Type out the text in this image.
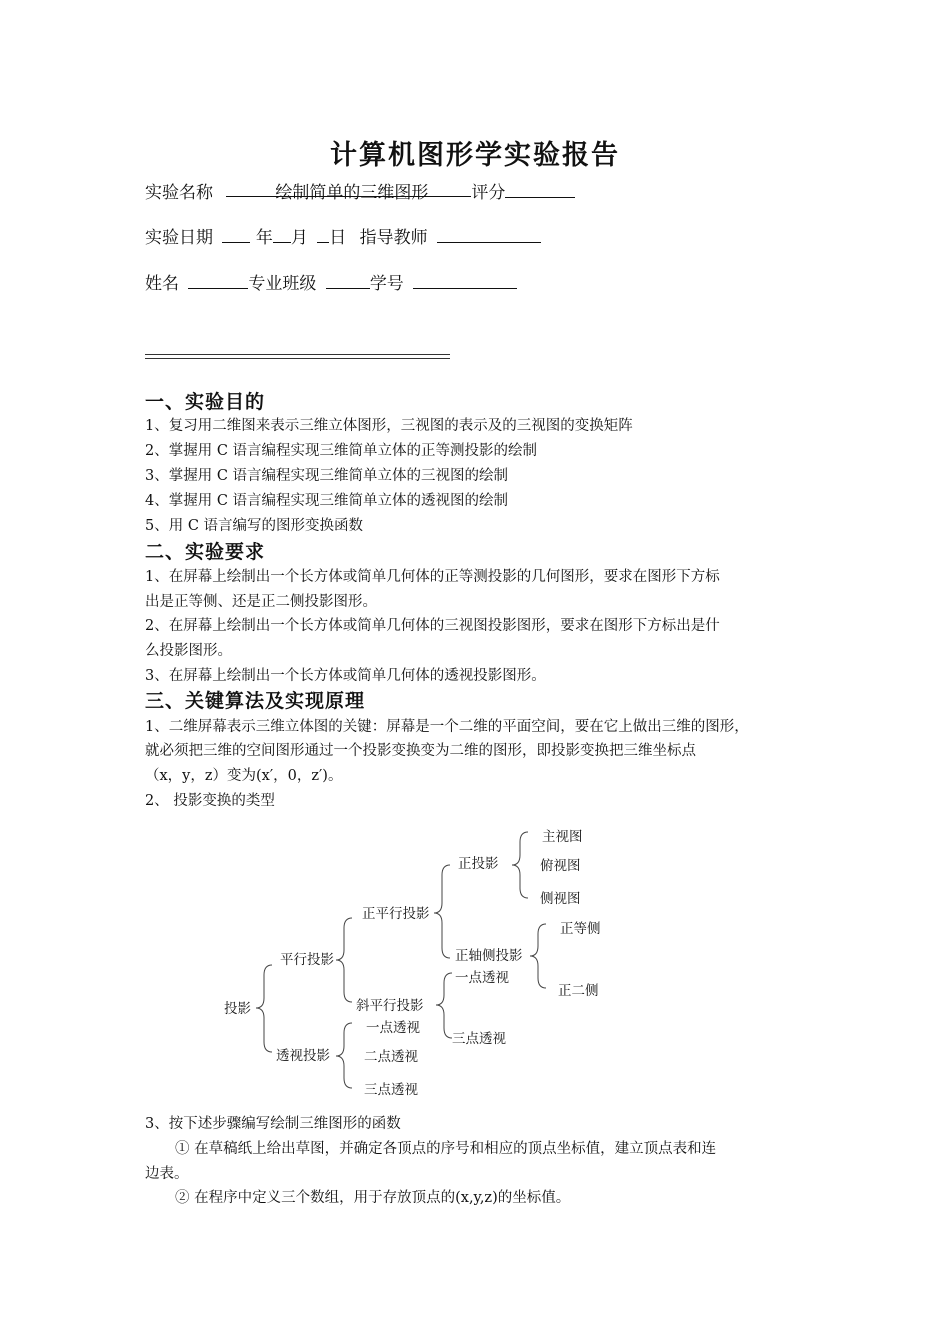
计算机图形学实验报告
实验名称	绘制简单的三维图形	评分
实验日期	年 月 日 指导教师
姓名	专业班级	学号
一、实验目的
1、复习用二维图来表示三维立体图形，三视图的表示及的三视图的变换矩阵
2、掌握用 C 语言编程实现三维简单立体的正等测投影的绘制
3、掌握用 C 语言编程实现三维简单立体的三视图的绘制
4、掌握用 C 语言编程实现三维简单立体的透视图的绘制
5、用 C 语言编写的图形变换函数
二、实验要求
1、在屏幕上绘制出一个长方体或简单几何体的正等测投影的几何图形，要求在图形下方标
出是正等侧、还是正二侧投影图形。
2、在屏幕上绘制出一个长方体或简单几何体的三视图投影图形，要求在图形下方标出是什
么投影图形。
3、在屏幕上绘制出一个长方体或简单几何体的透视投影图形。
三、关键算法及实现原理
1、二维屏幕表示三维立体图的关键：屏幕是一个二维的平面空间，要在它上做出三维的图形，
就必须把三维的空间图形通过一个投影变换变为二维的图形，即投影变换把三维坐标点
（x，y，z）变为(x′，0，z′)。
2、 投影变换的类型
投影
平行投影
透视投影
正平行投影
斜平行投影
正投影
正轴侧投影
主视图
俯视图
侧视图
正等侧
正二侧
一点透视
三点透视
一点透视
二点透视
三点透视
3、按下述步骤编写绘制三维图形的函数
① 在草稿纸上给出草图，并确定各顶点的序号和相应的顶点坐标值，建立顶点表和连
边表。
② 在程序中定义三个数组，用于存放顶点的(x,y,z)的坐标值。
